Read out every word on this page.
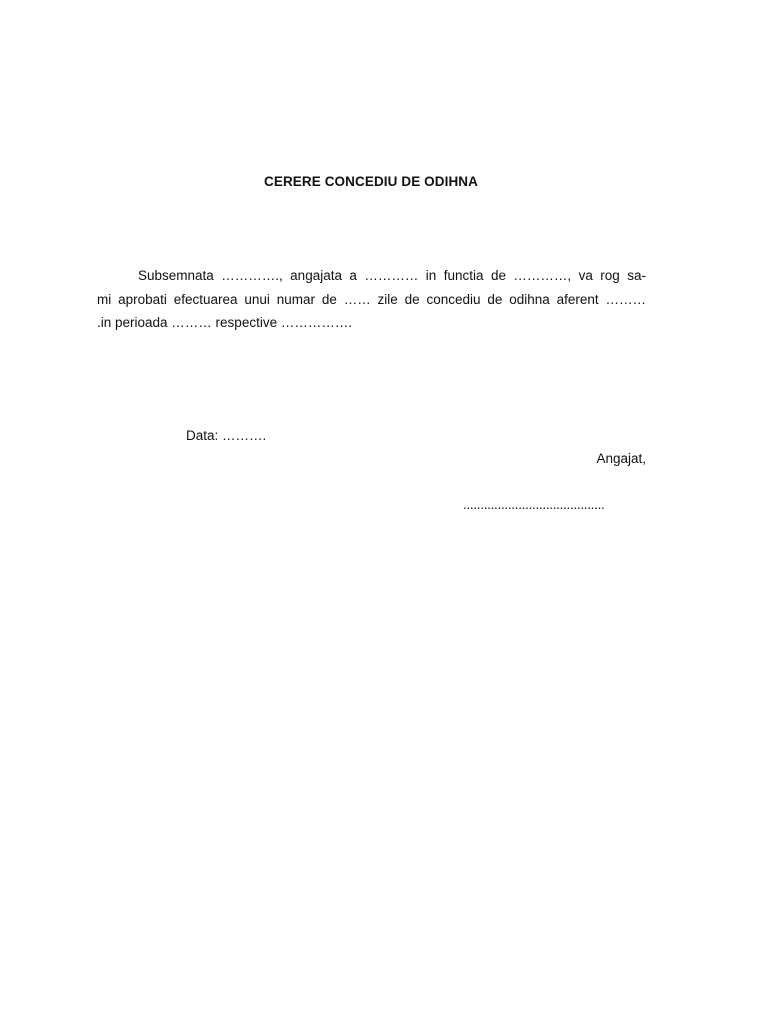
CERERE CONCEDIU DE ODIHNA
Subsemnata …………., angajata a ………… in functia de …………, va rog sa-
mi aprobati efectuarea unui numar de …… zile de concediu de odihna aferent ………
.in perioada ……… respective …………….
Data: ……….
Angajat,
.........................................
